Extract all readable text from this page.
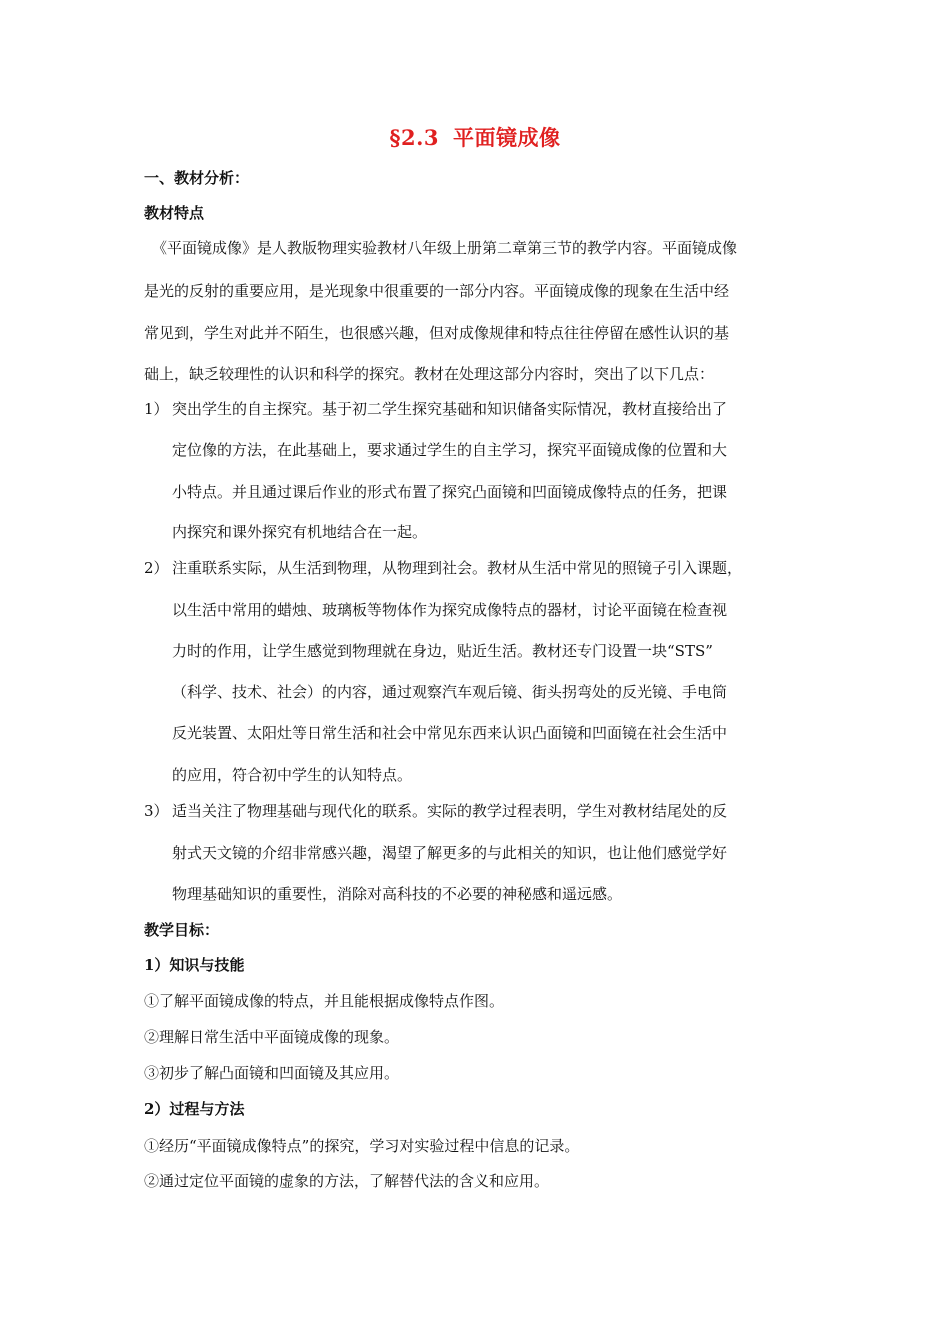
§2.3 平面镜成像
一、教材分析：
教材特点
《平面镜成像》是人教版物理实验教材八年级上册第二章第三节的教学内容。平面镜成像
是光的反射的重要应用，是光现象中很重要的一部分内容。平面镜成像的现象在生活中经
常见到，学生对此并不陌生，也很感兴趣，但对成像规律和特点往往停留在感性认识的基
础上，缺乏较理性的认识和科学的探究。教材在处理这部分内容时，突出了以下几点：
1） 突出学生的自主探究。基于初二学生探究基础和知识储备实际情况，教材直接给出了
定位像的方法，在此基础上，要求通过学生的自主学习，探究平面镜成像的位置和大
小特点。并且通过课后作业的形式布置了探究凸面镜和凹面镜成像特点的任务，把课
内探究和课外探究有机地结合在一起。
2） 注重联系实际，从生活到物理，从物理到社会。教材从生活中常见的照镜子引入课题，
以生活中常用的蜡烛、玻璃板等物体作为探究成像特点的器材，讨论平面镜在检查视
力时的作用，让学生感觉到物理就在身边，贴近生活。教材还专门设置一块“STS”
（科学、技术、社会）的内容，通过观察汽车观后镜、街头拐弯处的反光镜、手电筒
反光装置、太阳灶等日常生活和社会中常见东西来认识凸面镜和凹面镜在社会生活中
的应用，符合初中学生的认知特点。
3） 适当关注了物理基础与现代化的联系。实际的教学过程表明，学生对教材结尾处的反
射式天文镜的介绍非常感兴趣，渴望了解更多的与此相关的知识，也让他们感觉学好
物理基础知识的重要性，消除对高科技的不必要的神秘感和遥远感。
教学目标：
1）知识与技能
①了解平面镜成像的特点，并且能根据成像特点作图。
②理解日常生活中平面镜成像的现象。
③初步了解凸面镜和凹面镜及其应用。
2）过程与方法
①经历“平面镜成像特点”的探究，学习对实验过程中信息的记录。
②通过定位平面镜的虚象的方法，了解替代法的含义和应用。
